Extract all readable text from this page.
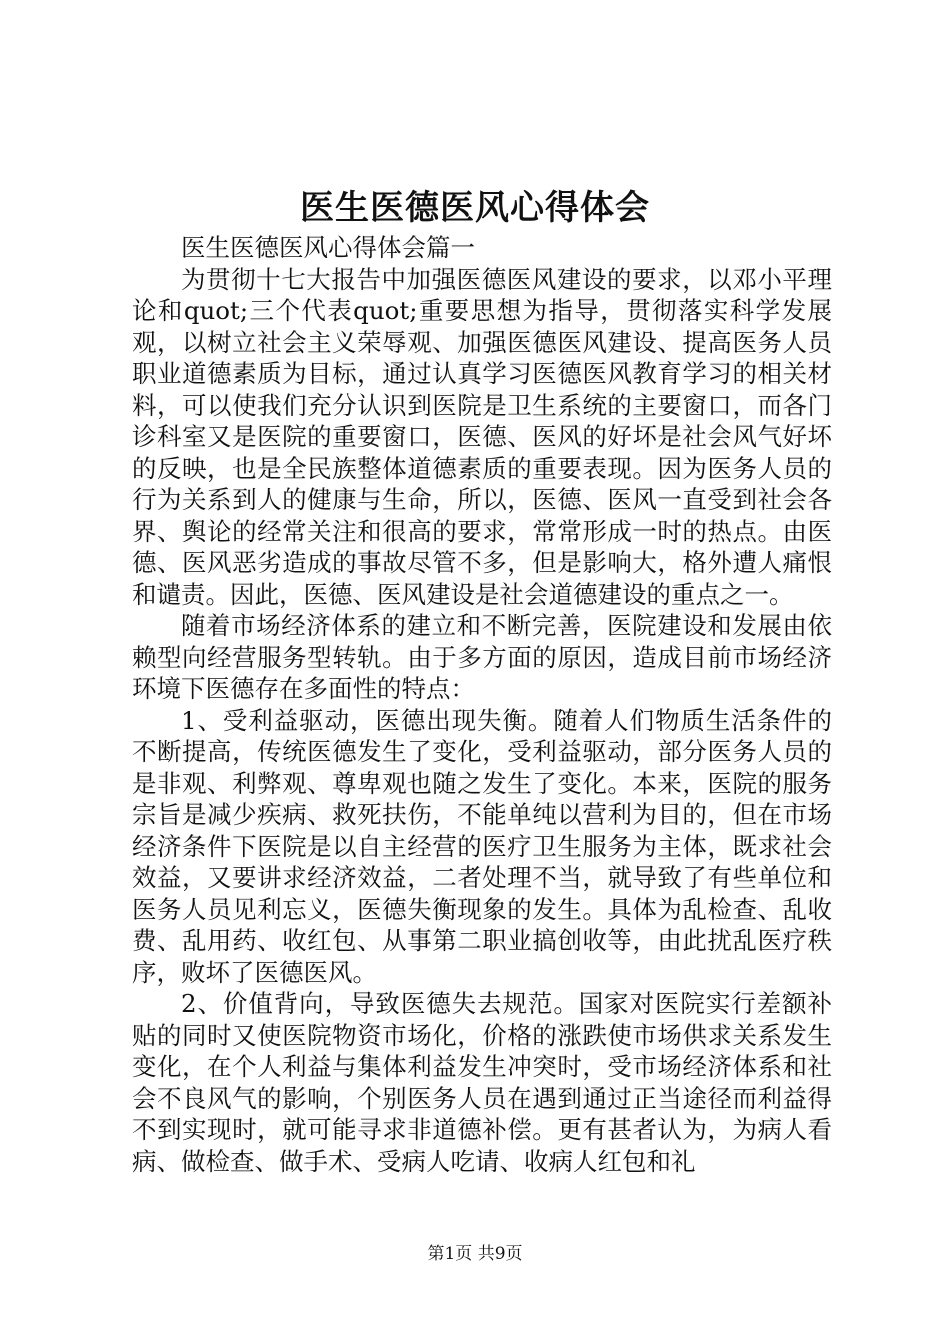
医生医德医风心得体会

医生医德医风心得体会篇一

为贯彻十七大报告中加强医德医风建设的要求，以邓小平理论和quot;三个代表quot;重要思想为指导，贯彻落实科学发展观，以树立社会主义荣辱观、加强医德医风建设、提高医务人员职业道德素质为目标，通过认真学习医德医风教育学习的相关材料，可以使我们充分认识到医院是卫生系统的主要窗口，而各门诊科室又是医院的重要窗口，医德、医风的好坏是社会风气好坏的反映，也是全民族整体道德素质的重要表现。因为医务人员的行为关系到人的健康与生命，所以，医德、医风一直受到社会各界、舆论的经常关注和很高的要求，常常形成一时的热点。由医德、医风恶劣造成的事故尽管不多，但是影响大，格外遭人痛恨和谴责。因此，医德、医风建设是社会道德建设的重点之一。

随着市场经济体系的建立和不断完善，医院建设和发展由依赖型向经营服务型转轨。由于多方面的原因，造成目前市场经济环境下医德存在多面性的特点：

1、受利益驱动，医德出现失衡。随着人们物质生活条件的不断提高，传统医德发生了变化，受利益驱动，部分医务人员的是非观、利弊观、尊卑观也随之发生了变化。本来，医院的服务宗旨是减少疾病、救死扶伤，不能单纯以营利为目的，但在市场经济条件下医院是以自主经营的医疗卫生服务为主体，既求社会效益，又要讲求经济效益，二者处理不当，就导致了有些单位和医务人员见利忘义，医德失衡现象的发生。具体为乱检查、乱收费、乱用药、收红包、从事第二职业搞创收等，由此扰乱医疗秩序，败坏了医德医风。

2、价值背向，导致医德失去规范。国家对医院实行差额补贴的同时又使医院物资市场化，价格的涨跌使市场供求关系发生变化，在个人利益与集体利益发生冲突时，受市场经济体系和社会不良风气的影响，个别医务人员在遇到通过正当途径而利益得不到实现时，就可能寻求非道德补偿。更有甚者认为，为病人看病、做检查、做手术、受病人吃请、收病人红包和礼

第1页 共9页
